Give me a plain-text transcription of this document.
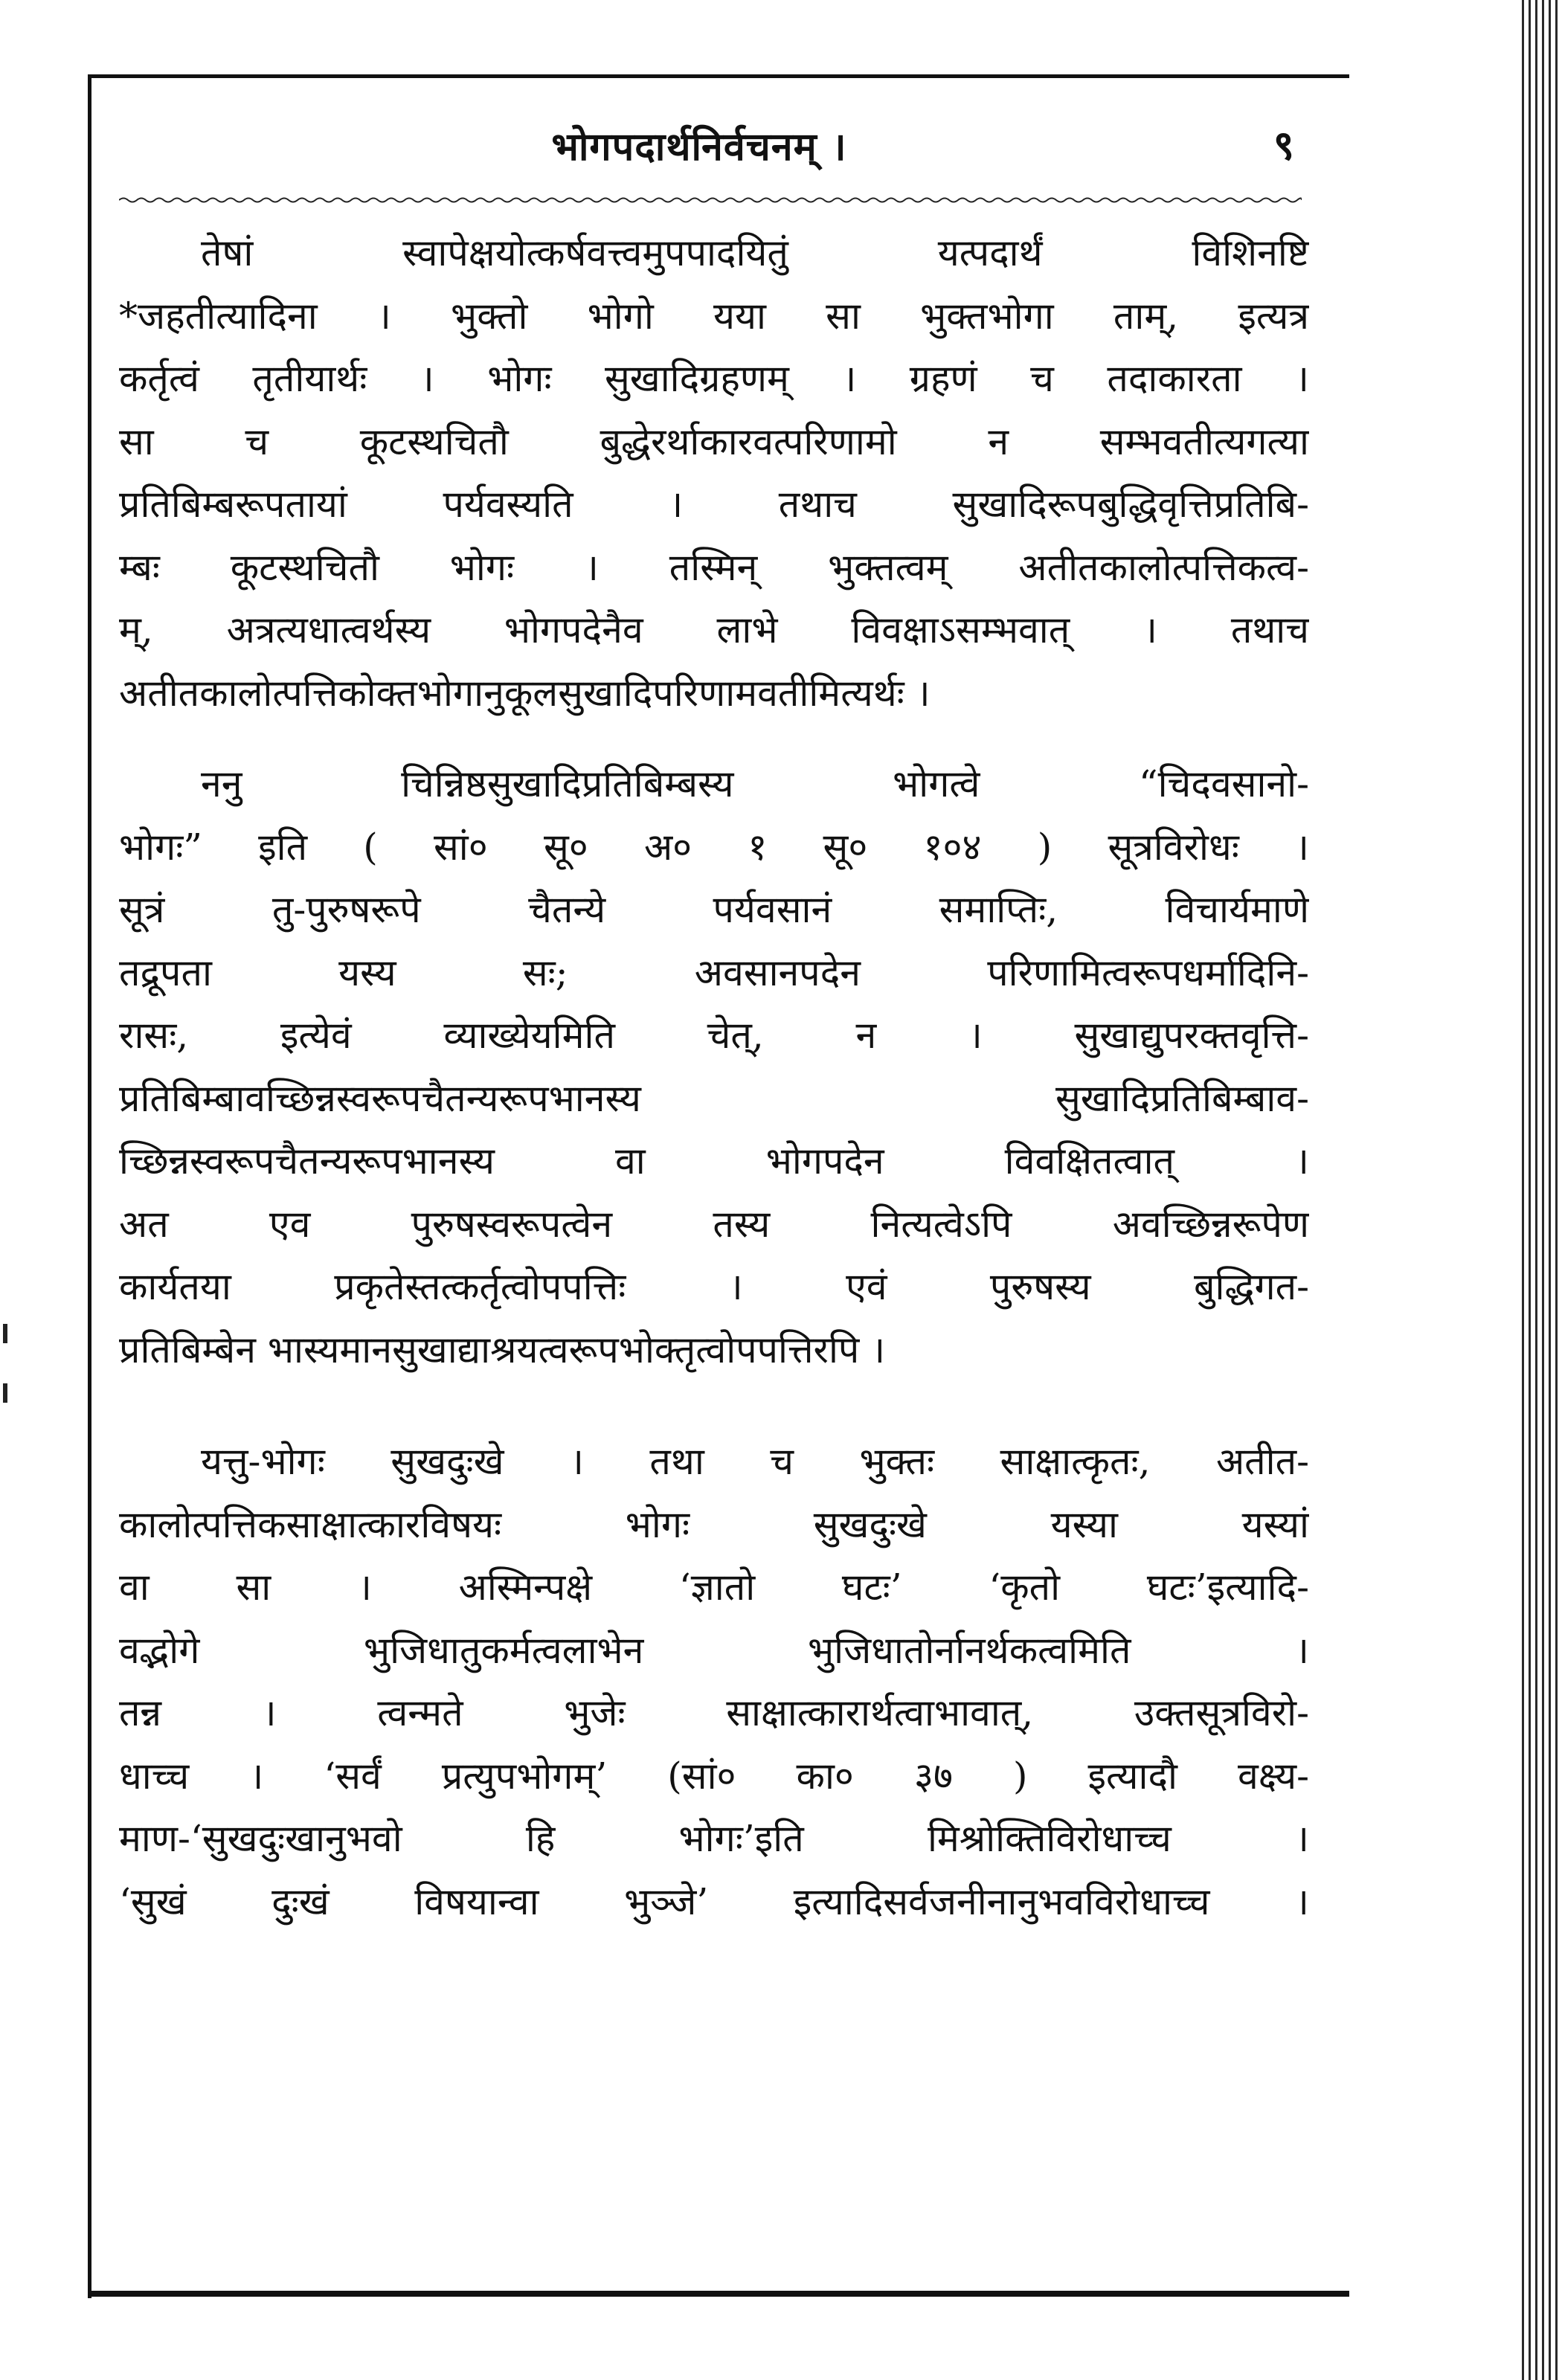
भोगपदार्थनिर्वचनम् ।	९
तेषां स्वापेक्षयोत्कर्षवत्त्वमुपपादयितुं यत्पदार्थं विशिनष्टि
*जहतीत्यादिना । भुक्तो भोगो यया सा भुक्तभोगा ताम्, इत्यत्र
कर्तृत्वं तृतीयार्थः । भोगः सुखादिग्रहणम् । ग्रहणं च तदाकारता ।
सा च कूटस्थचितौ बुद्धेरर्थाकारवत्परिणामो न सम्भवतीत्यगत्या
प्रतिबिम्बरूपतायां पर्यवस्यति । तथाच सुखादिरूपबुद्धिवृत्तिप्रतिबि-
म्बः कूटस्थचितौ भोगः । तस्मिन् भुक्तत्वम् अतीतकालोत्पत्तिकत्व-
म्, अत्रत्यधात्वर्थस्य भोगपदेनैव लाभे विवक्षाऽसम्भवात् । तथाच
अतीतकालोत्पत्तिकोक्तभोगानुकूलसुखादिपरिणामवतीमित्यर्थः ।
ननु चिन्निष्ठसुखादिप्रतिबिम्बस्य भोगत्वे “चिदवसानो-
भोगः” इति ( सां० सू० अ० १ सू० १०४ ) सूत्रविरोधः ।
सूत्रं तु-पुरुषरूपे चैतन्ये पर्यवसानं समाप्तिः, विचार्यमाणे
तद्रूपता यस्य सः; अवसानपदेन परिणामित्वरूपधर्मादिनि-
रासः, इत्येवं व्याख्येयमिति चेत्, न । सुखाद्युपरक्तवृत्ति-
प्रतिबिम्बावच्छिन्नस्वरूपचैतन्यरूपभानस्य सुखादिप्रतिबिम्बाव-
च्छिन्नस्वरूपचैतन्यरूपभानस्य वा भोगपदेन विवक्षितत्वात् ।
अत एव पुरुषस्वरूपत्वेन तस्य नित्यत्वेऽपि अवच्छिन्नरूपेण
कार्यतया प्रकृतेस्तत्कर्तृत्वोपपत्तिः । एवं पुरुषस्य बुद्धिगत-
प्रतिबिम्बेन भास्यमानसुखाद्याश्रयत्वरूपभोक्तृत्वोपपत्तिरपि ।
यत्तु-भोगः सुखदुःखे । तथा च भुक्तः साक्षात्कृतः, अतीत-
कालोत्पत्तिकसाक्षात्कारविषयः भोगः सुखदुःखे यस्या यस्यां
वा सा । अस्मिन्पक्षे ‘ज्ञातो घटः’ ‘कृतो घटः’इत्यादि-
वद्भोगे भुजिधातुकर्मत्वलाभेन भुजिधातोर्नानर्थकत्वमिति ।
तन्न । त्वन्मते भुजेः साक्षात्कारार्थत्वाभावात्, उक्तसूत्रविरो-
धाच्च । ‘सर्वं प्रत्युपभोगम्’ (सां० का० ३७ ) इत्यादौ वक्ष्य-
माण-‘सुखदुःखानुभवो हि भोगः’इति मिश्रोक्तिविरोधाच्च ।
‘सुखं दुःखं विषयान्वा भुञ्जे’ इत्यादिसर्वजनीनानुभवविरोधाच्च ।
